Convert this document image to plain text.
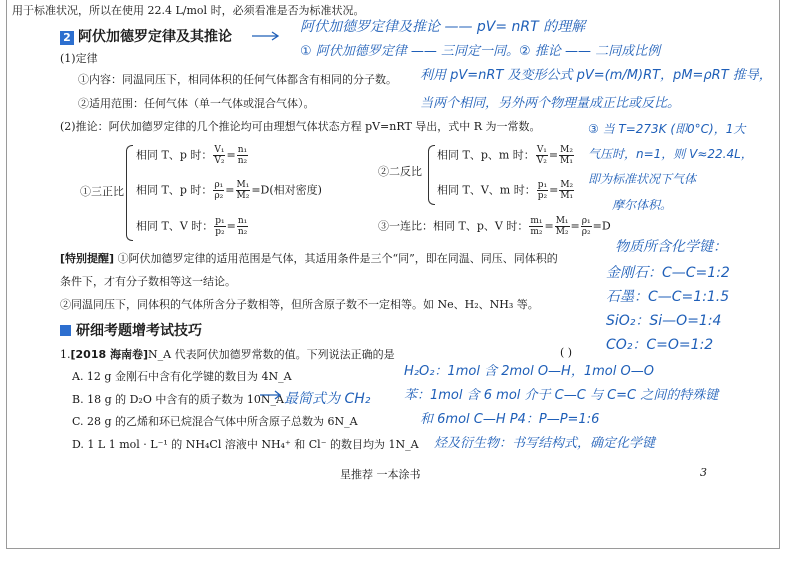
用于标准状况，所以在使用 22.4 L/mol 时，必须看准是否为标准状况。
2 阿伏加德罗定律及其推论
(1)定律
①内容：同温同压下，相同体积的任何气体都含有相同的分子数。
②适用范围：任何气体（单一气体或混合气体）。
(2)推论：阿伏加德罗定律的几个推论均可由理想气体状态方程 pV=nRT 导出，式中 R 为一常数。
①三正比
相同 T、p 时： $\frac{\text{V₁}}{\text{V₂}} = \frac{\text{n₁}}{\text{n₂}}$
相同 T、p 时： $\frac{\text{ρ₁}}{\text{ρ₂}} = \frac{\text{M₁}}{\text{M₂}} =D$(相对密度)
相同 T、V 时： $\frac{\text{p₁}}{\text{p₂}} = \frac{\text{n₁}}{\text{n₂}}$
②二反比
相同 T、p、m 时： $\frac{\text{V₁}}{\text{V₂}} = \frac{\text{M₂}}{\text{M₁}}$
相同 T、V、m 时： $\frac{\text{p₁}}{\text{p₂}} = \frac{\text{M₂}}{\text{M₁}}$
③一连比：相同 T、p、V 时： $\frac{\text{m₁}}{\text{m₂}} = \frac{\text{M₁}}{\text{M₂}} = \frac{\text{ρ₁}}{\text{ρ₂}} =D$
[特别提醒] ①阿伏加德罗定律的适用范围是气体，其适用条件是三个“同”，即在同温、同压、同体积的
条件下，才有分子数相等这一结论。
②同温同压下，同体积的气体所含分子数相等，但所含原子数不一定相等。如 Ne、H₂、NH₃ 等。
研细考题增考试技巧
1.[2018 海南卷]N_A 代表阿伏加德罗常数的值。下列说法正确的是	( )
A. 12 g 金刚石中含有化学键的数目为 4N_A
B. 18 g 的 D₂O 中含有的质子数为 10N_A
C. 28 g 的乙烯和环已烷混合气体中所含原子总数为 6N_A
D. 1 L 1 mol · L⁻¹ 的 NH₄Cl 溶液中 NH₄⁺ 和 Cl⁻ 的数目均为 1N_A
阿伏加德罗定律及推论 —— pV= nRT 的理解
① 阿伏加德罗定律 —— 三同定一同。② 推论 —— 二同成比例
利用 pV=nRT 及变形公式 pV=(m/M)RT，pM=ρRT 推导，
当两个相同，另外两个物理量成正比或反比。
③ 当 T=273K (即0°C)，1大
气压时，n=1，则 V≈22.4L，
即为标准状况下气体
摩尔体积。
物质所含化学键：
金刚石：C—C=1:2
石墨：C—C=1:1.5
SiO₂：Si—O=1:4
CO₂：C=O=1:2
H₂O₂：1mol 含 2mol O—H，1mol O—O
苯：1mol 含 6 mol 介于 C—C 与 C=C 之间的特殊键
和 6mol C—H P4：P—P=1:6
烃及衍生物：书写结构式，确定化学键
最简式为 CH₂
星推荐 一本涂书	3
